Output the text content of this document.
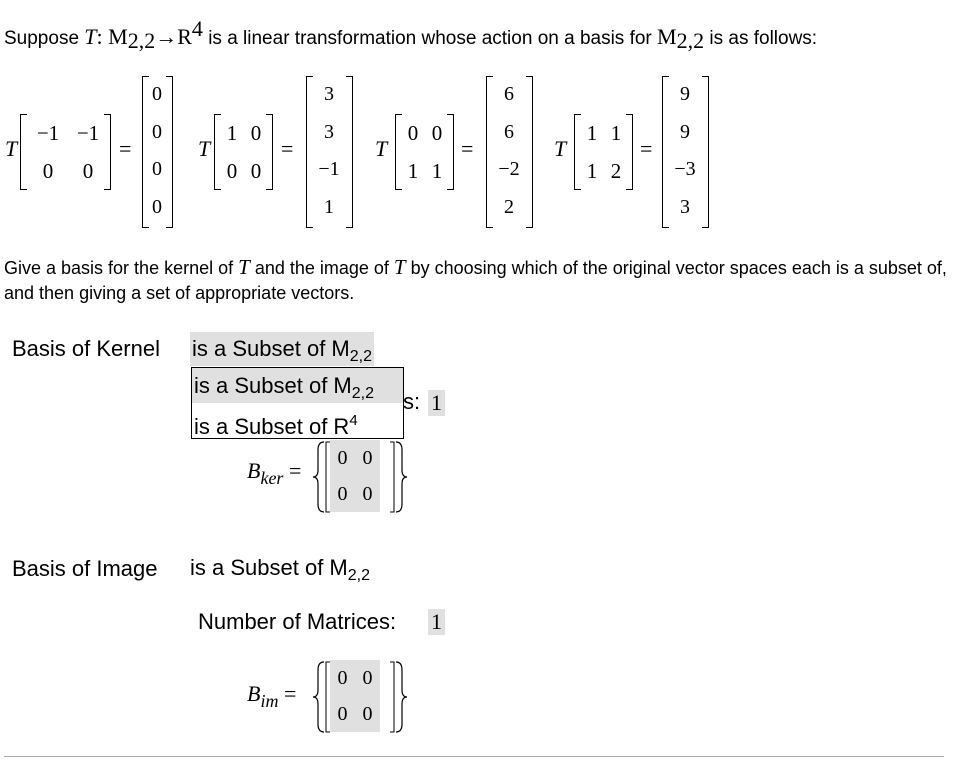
Suppose T: $M_{2,2}\to R^4$ is a linear transformation whose action on a basis for $M_{2,2}$ is as follows:
T
−1 −1
0 0
=
0
0
0
0
T
1 0
0 0
=
3
3
−1
1
T
0 0
1 1
=
6
6
−2
2
T
1 1
1 2
=
9
9
−3
3
Give a basis for the kernel of T and the image of T by choosing which of the original vector spaces each is a subset of, and then giving a set of appropriate vectors.
Basis of Kernel is a Subset of $M_{2,2}$
is a Subset of $M_{2,2}$
is a Subset of $R^4$
s: 1
$B_{ker} = 0$ 0
0 0
Basis of Image is a Subset of $M_{2,2}$
Number of Matrices: 1
$B_{im}$ =
0 0
0 0
